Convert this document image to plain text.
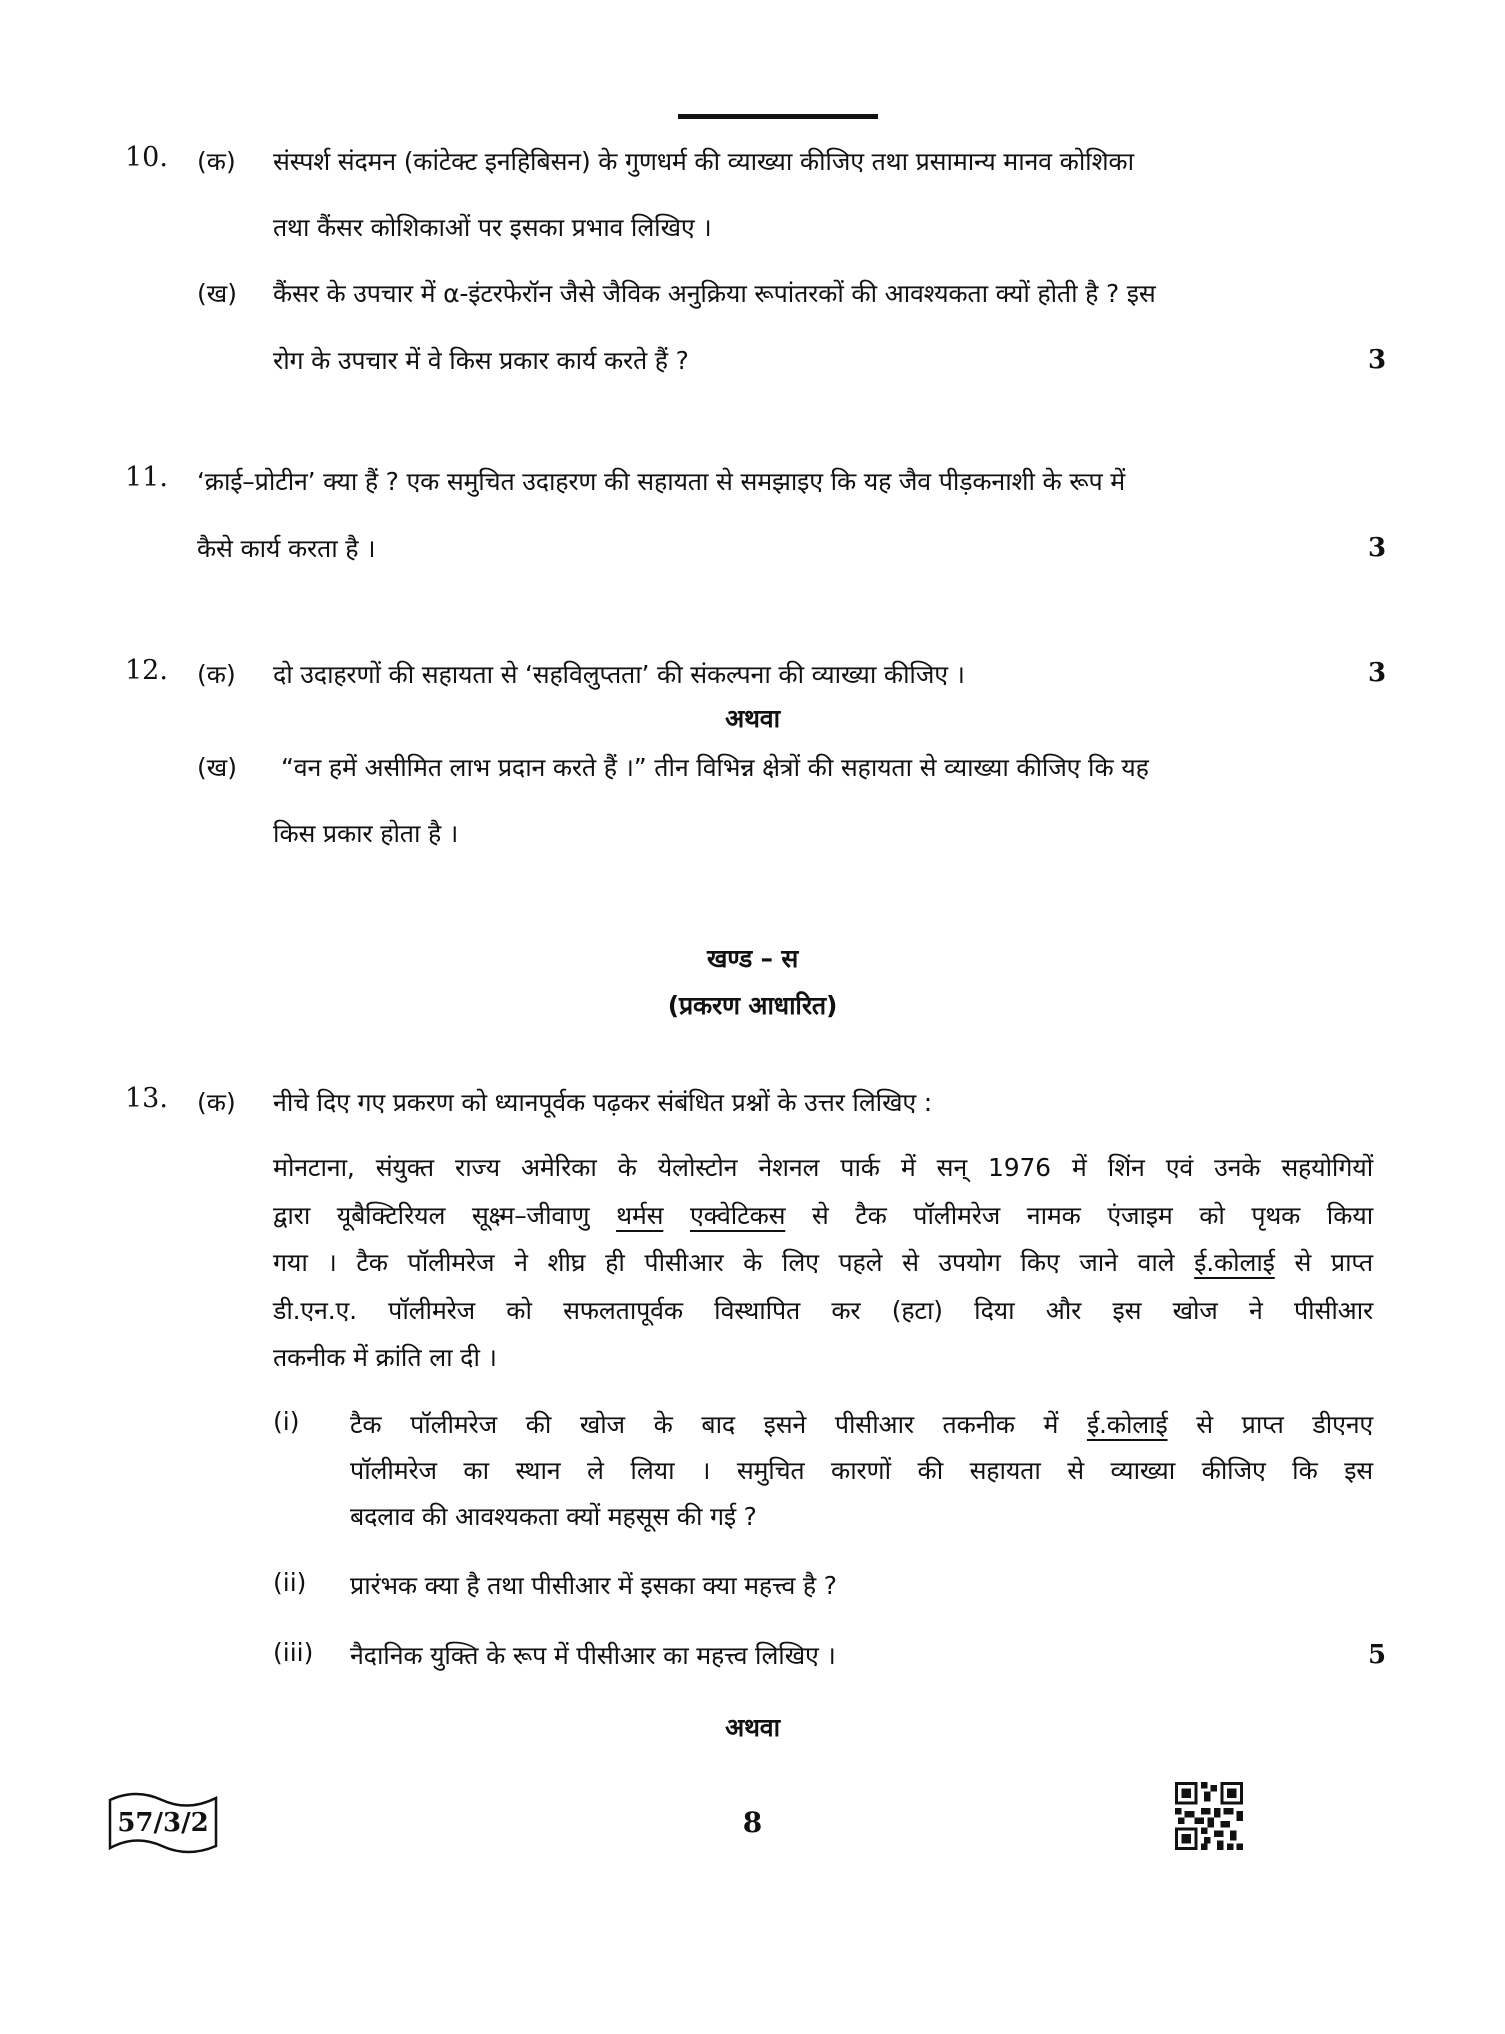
10. (क) संस्पर्श संदमन (कांटेक्ट इनहिबिसन) के गुणधर्म की व्याख्या कीजिए तथा प्रसामान्य मानव कोशिका
तथा कैंसर कोशिकाओं पर इसका प्रभाव लिखिए ।
(ख) कैंसर के उपचार में α-इंटरफेरॉन जैसे जैविक अनुक्रिया रूपांतरकों की आवश्यकता क्यों होती है ? इस
रोग के उपचार में वे किस प्रकार कार्य करते हैं ?	3
11. ‘क्राई–प्रोटीन’ क्या हैं ? एक समुचित उदाहरण की सहायता से समझाइए कि यह जैव पीड़कनाशी के रूप में
कैसे कार्य करता है ।	3
12. (क) दो उदाहरणों की सहायता से ‘सहविलुप्तता’ की संकल्पना की व्याख्या कीजिए ।	3
अथवा
(ख) “वन हमें असीमित लाभ प्रदान करते हैं ।” तीन विभिन्न क्षेत्रों की सहायता से व्याख्या कीजिए कि यह
किस प्रकार होता है ।
खण्ड – स
(प्रकरण आधारित)
13. (क) नीचे दिए गए प्रकरण को ध्यानपूर्वक पढ़कर संबंधित प्रश्नों के उत्तर लिखिए :
मोनटाना, संयुक्त राज्य अमेरिका के येलोस्टोन नेशनल पार्क में सन् 1976 में शिंन एवं उनके सहयोगियों
द्वारा यूबैक्टिरियल सूक्ष्म–जीवाणु थर्मस एक्वेटिकस से टैक पॉलीमरेज नामक एंजाइम को पृथक किया
गया । टैक पॉलीमरेज ने शीघ्र ही पीसीआर के लिए पहले से उपयोग किए जाने वाले ई.कोलाई से प्राप्त
डी.एन.ए. पॉलीमरेज को सफलतापूर्वक विस्थापित कर (हटा) दिया और इस खोज ने पीसीआर
तकनीक में क्रांति ला दी ।
(i) टैक पॉलीमरेज की खोज के बाद इसने पीसीआर तकनीक में ई.कोलाई से प्राप्त डीएनए
पॉलीमरेज का स्थान ले लिया । समुचित कारणों की सहायता से व्याख्या कीजिए कि इस
बदलाव की आवश्यकता क्यों महसूस की गई ?
(ii) प्रारंभक क्या है तथा पीसीआर में इसका क्या महत्त्व है ?
(iii) नैदानिक युक्ति के रूप में पीसीआर का महत्त्व लिखिए ।	5
अथवा
57/3/2	8
